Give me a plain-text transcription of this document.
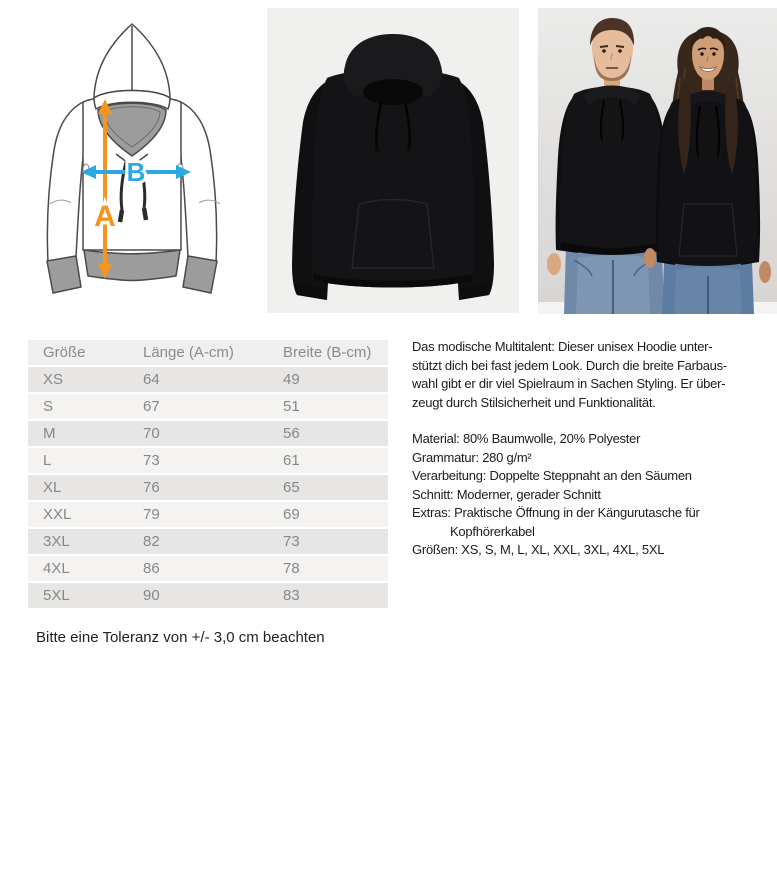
A
B
Größe	Länge (A-cm)	Breite (B-cm)
XS	64	49
S	67	51
M	70	56
L	73	61
XL	76	65
XXL	79	69
3XL	82	73
4XL	86	78
5XL	90	83
Bitte eine Toleranz von +/- 3,0 cm beachten
Das modische Multitalent: Dieser unisex Hoodie unter-
stützt dich bei fast jedem Look. Durch die breite Farbaus-
wahl gibt er dir viel Spielraum in Sachen Styling. Er über-
zeugt durch Stilsicherheit und Funktionalität.
Material: 80% Baumwolle, 20% Polyester
Grammatur: 280 g/m²
Verarbeitung: Doppelte Steppnaht an den Säumen
Schnitt: Moderner, gerader Schnitt
Extras: Praktische Öffnung in der Kängurutasche für
Kopfhörerkabel
Größen: XS, S, M, L, XL, XXL, 3XL, 4XL, 5XL
